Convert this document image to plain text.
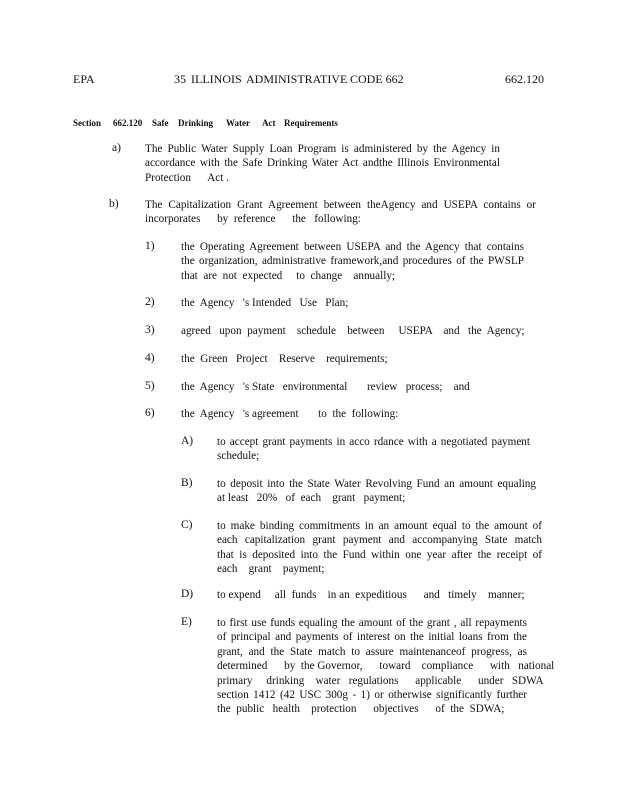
EPA	35 ILLINOIS ADMINISTRATIVE CODE 662	662.120
Section 662.120 Safe Drinking Water Act Requirements
a) The Public Water Supply Loan Program is administered by the Agency in
accordance with the Safe Drinking Water Act andthe Illinois Environmental
Protection      Act .
b) The Capitalization Grant Agreement between theAgency and USEPA contains or
incorporates      by  reference      the   following:
1) the Operating Agreement between USEPA and the Agency that contains
the organization, administrative framework,and procedures of the PWSLP
that  are  not  expected     to  change    annually;
2) the  Agency   's Intended   Use   Plan;
3) agreed   upon  payment    schedule    between     USEPA    and   the  Agency;
4) the  Green   Project    Reserve    requirements;
5) the  Agency   's State   environmental       review   process;    and
6) the  Agency   's agreement       to  the  following:
A) to accept grant payments in acco rdance with a negotiated payment
schedule;
B) to deposit into the State Water Revolving Fund an amount equaling
at least   20%   of  each    grant   payment;
C) to make binding commitments in an amount equal to the amount of
each capitalization grant payment and accompanying State match
that is deposited into the Fund within one year after the receipt of
each    grant    payment;
D) to expend     all  funds    in an  expeditious      and   timely    manner;
E) to first use funds equaling the amount of the grant , all repayments
of principal and payments of interest on the initial loans from the
grant, and the State match to assure maintenanceof progress, as
determined      by  the Governor,      toward    compliance      with   national
primary     drinking    water   regulations      applicable      under   SDWA
section 1412 (42 USC 300g - 1) or otherwise significantly further
the  public   health    protection      objectives      of  the  SDWA;
